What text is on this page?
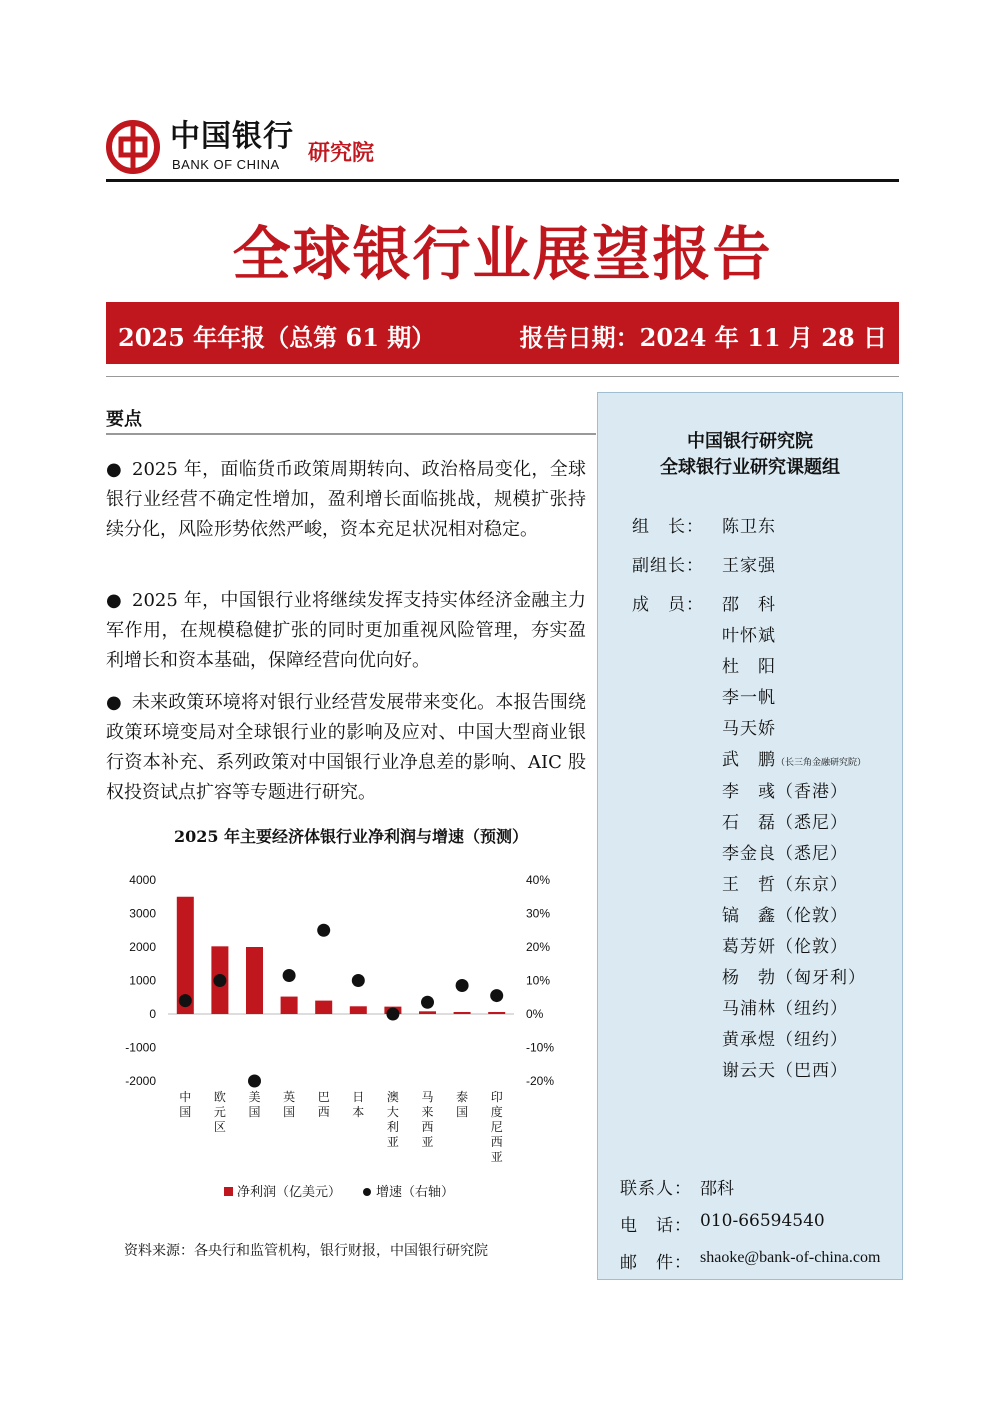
中国银行
BANK OF CHINA 研究院
全球银行业展望报告
2025 年年报（总第 61 期）	报告日期：2024 年 11 月 28 日
要点
● 2025 年，面临货币政策周期转向、政治格局变化，全球银行业经营不确定性增加，盈利增长面临挑战，规模扩张持续分化，风险形势依然严峻，资本充足状况相对稳定。
● 2025 年，中国银行业将继续发挥支持实体经济金融主力军作用，在规模稳健扩张的同时更加重视风险管理，夯实盈利增长和资本基础，保障经营向优向好。
● 未来政策环境将对银行业经营发展带来变化。本报告围绕政策环境变局对全球银行业的影响及应对、中国大型商业银行资本补充、系列政策对中国银行业净息差的影响、AIC 股权投资试点扩容等专题进行研究。
2025 年主要经济体银行业净利润与增速（预测）
4000
3000
2000
1000
0
-1000
-2000
40%
30%
20%
10%
0%
-10%
-20%
中
国
欧
元
区
美
国
英
国
巴
西
日
本
澳
大
利
亚
马
来
西
亚
泰
国
印
度
尼
西
亚
净利润（亿美元）	增速（右轴）
资料来源：各央行和监管机构，银行财报，中国银行研究院
中国银行研究院
全球银行业研究课题组
组　长： 陈卫东
副组长： 王家强
成　员： 邵　科
联系人： 邵科
电　话： 010-66594540
邮　件： shaoke@bank-of-china.com
叶怀斌
杜　阳
李一帆
马天娇
武　鹏（长三角金融研究院）
李　彧（香港）
石　磊（悉尼）
李金良（悉尼）
王　哲（东京）
镐　鑫（伦敦）
葛芳妍（伦敦）
杨　勃（匈牙利）
马浦林（纽约）
黄承煜（纽约）
谢云天（巴西）
